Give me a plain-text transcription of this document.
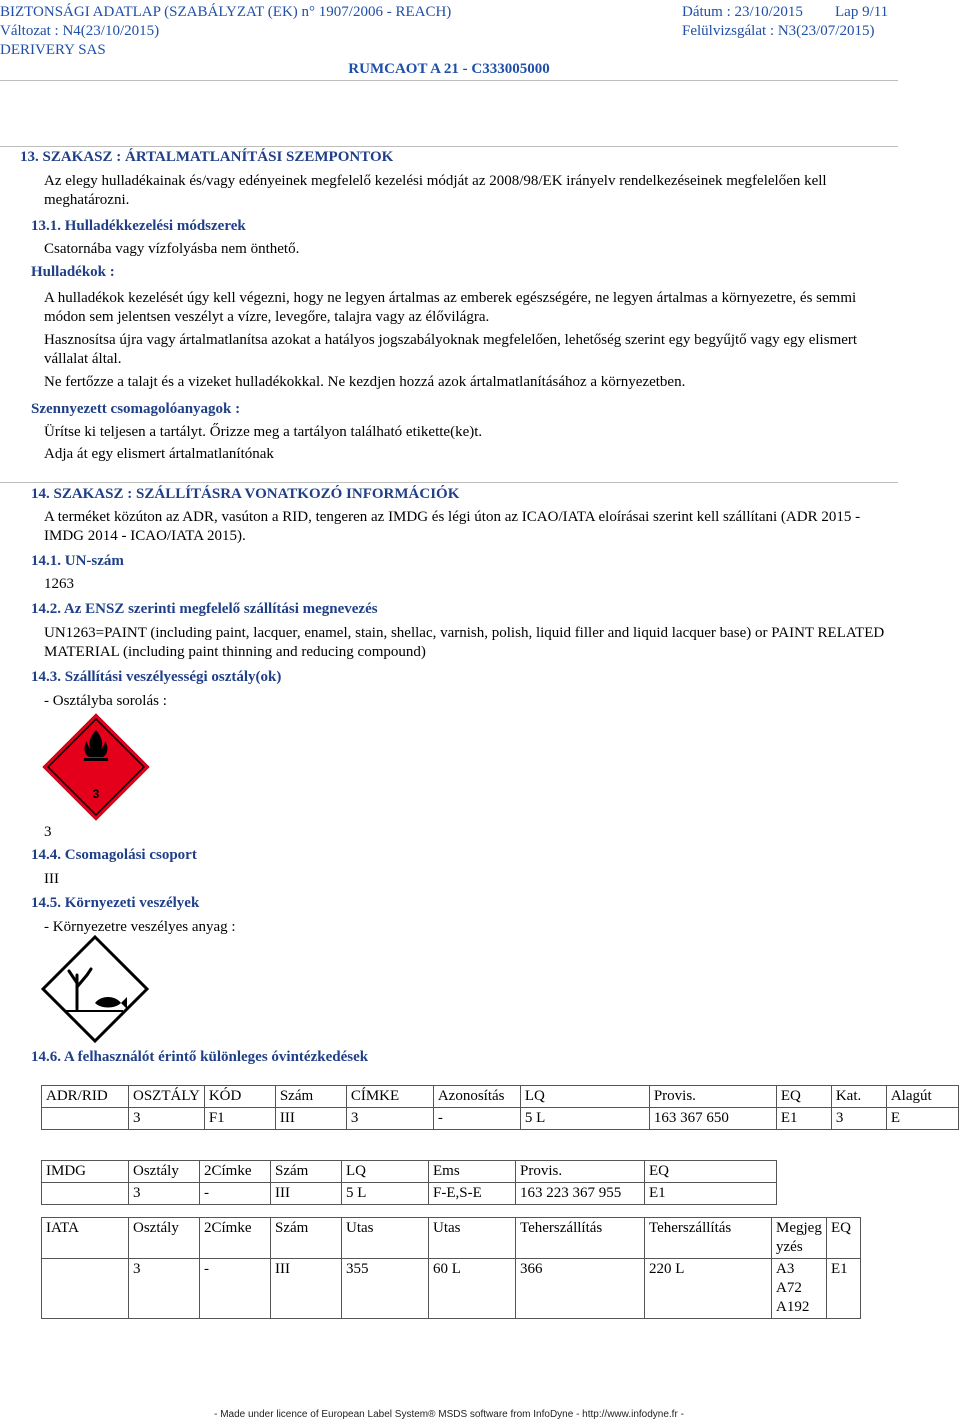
BIZTONSÁGI ADATLAP (SZABÁLYZAT (EK) n° 1907/2006 - REACH)
Változat : N4(23/10/2015)
DERIVERY SAS
Dátum : 23/10/2015 Lap 9/11
Felülvizsgálat : N3(23/07/2015)
RUMCAOT A 21 - C333005000
13. SZAKASZ : ÁRTALMATLANÍTÁSI SZEMPONTOK
Az elegy hulladékainak és/vagy edényeinek megfelelő kezelési módját az 2008/98/EK irányelv rendelkezéseinek megfelelően kell meghatározni.
13.1. Hulladékkezelési módszerek
Csatornába vagy vízfolyásba nem önthető.
Hulladékok :
A hulladékok kezelését úgy kell végezni, hogy ne legyen ártalmas az emberek egészségére, ne legyen ártalmas a környezetre, és semmi módon sem jelentsen veszélyt a vízre, levegőre, talajra vagy az élővilágra.
Hasznosítsa újra vagy ártalmatlanítsa azokat a hatályos jogszabályoknak megfelelően, lehetőség szerint egy begyűjtő vagy egy elismert vállalat által.
Ne fertőzze a talajt és a vizeket hulladékokkal. Ne kezdjen hozzá azok ártalmatlanításához a környezetben.
Szennyezett csomagolóanyagok :
Ürítse ki teljesen a tartályt. Őrizze meg a tartályon található etikette(ke)t.
Adja át egy elismert ártalmatlanítónak
14. SZAKASZ : SZÁLLÍTÁSRA VONATKOZÓ INFORMÁCIÓK
A terméket közúton az ADR, vasúton a RID, tengeren az IMDG és légi úton az ICAO/IATA eloírásai szerint kell szállítani (ADR 2015 - IMDG 2014 - ICAO/IATA 2015).
14.1. UN-szám
1263
14.2. Az ENSZ szerinti megfelelő szállítási megnevezés
UN1263=PAINT (including paint, lacquer, enamel, stain, shellac, varnish, polish, liquid filler and liquid lacquer base) or PAINT RELATED MATERIAL (including paint thinning and reducing compound)
14.3. Szállítási veszélyességi osztály(ok)
- Osztályba sorolás :
3
3
14.4. Csomagolási csoport
III
14.5. Környezeti veszélyek
- Környezetre veszélyes anyag :
14.6. A felhasználót érintő különleges óvintézkedések
ADR/RID	OSZTÁLY	KÓD	Szám	CÍMKE	Azonosítás	LQ	Provis.	EQ	Kat.	Alagút
	3	F1	III	3	-	5 L	163 367 650	E1	3	E
IMDG	Osztály	2Címke	Szám	LQ	Ems	Provis.	EQ
	3	-	III	5 L	F-E,S-E	163 223 367 955	E1
IATA	Osztály	2Címke	Szám	Utas	Utas	Teherszállítás	Teherszállítás	Megjegyzés	EQ
	3	-	III	355	60 L	366	220 L	A3 A72 A192	E1
- Made under licence of European Label System® MSDS software from InfoDyne - http://www.infodyne.fr -
